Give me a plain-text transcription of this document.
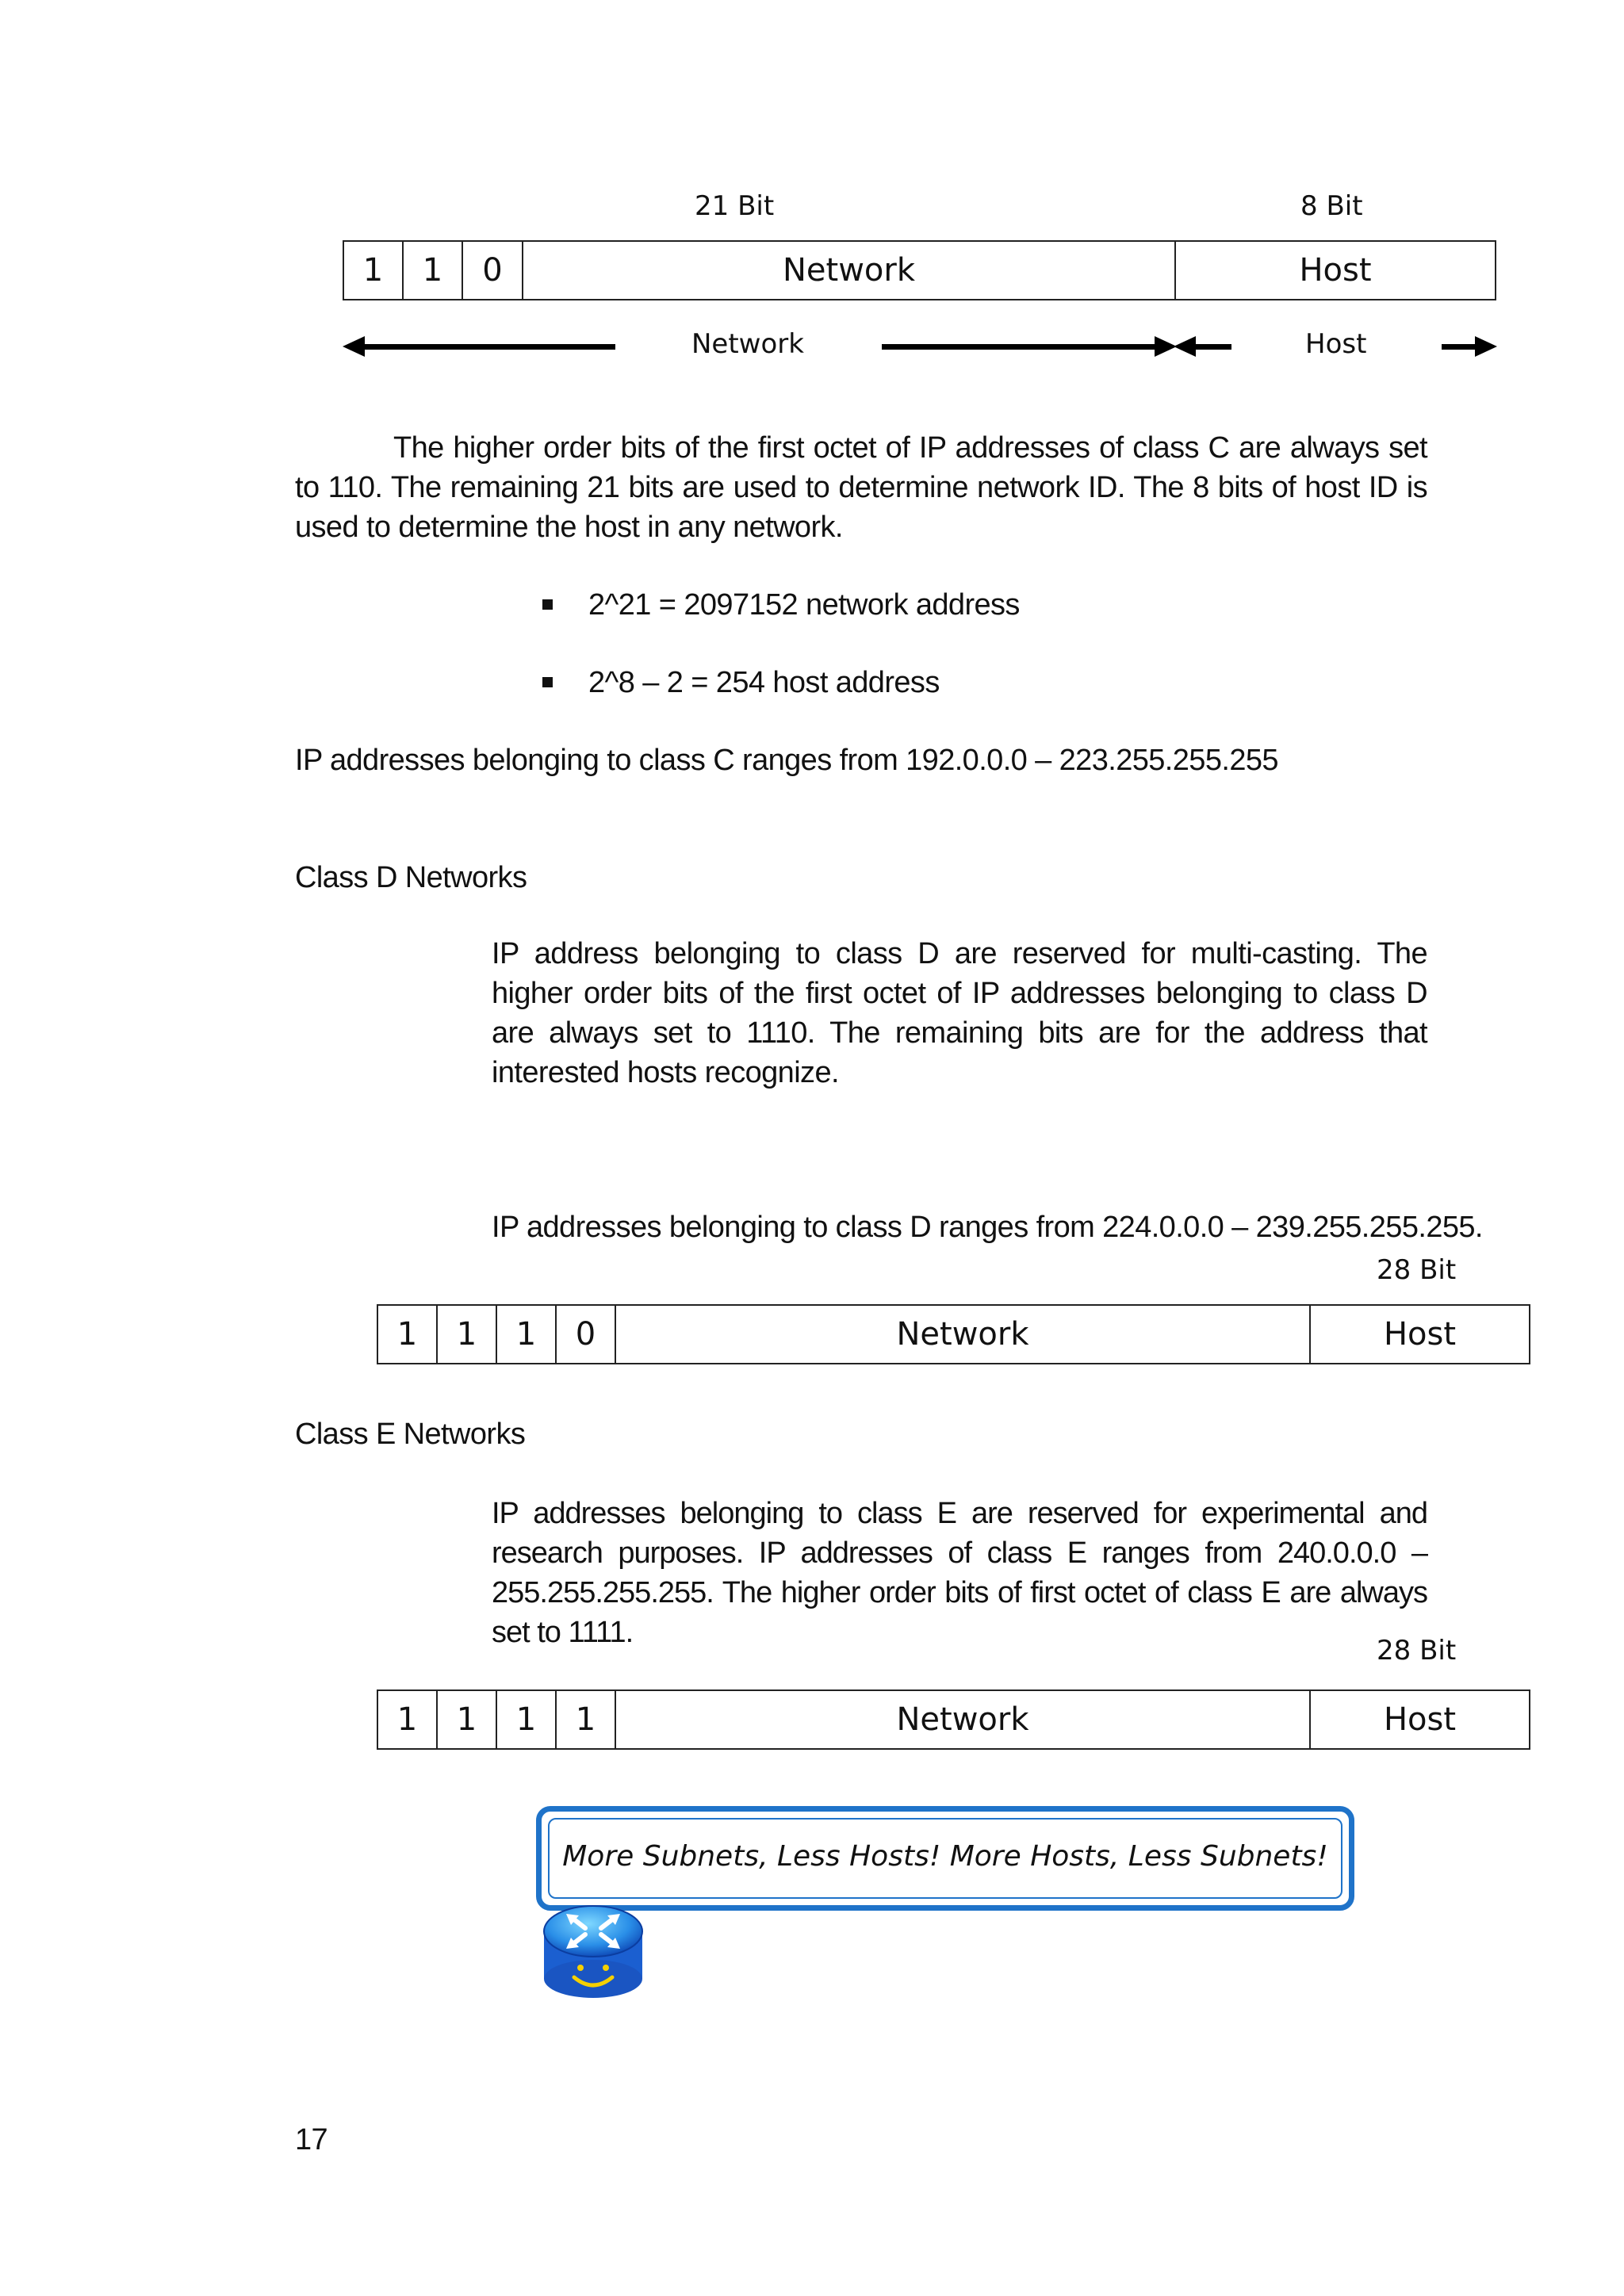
21 Bit	8 Bit
1	1	0	Network	Host
Network	Host
The higher order bits of the first octet of IP addresses of class C are always set to 110. The remaining 21 bits are used to determine network ID. The 8 bits of host ID is used to determine the host in any network.
2^21 = 2097152 network address
2^8 – 2 = 254 host address
IP addresses belonging to class C ranges from 192.0.0.0 – 223.255.255.255
Class D Networks
IP address belonging to class D are reserved for multi-casting. The higher order bits of the first octet of IP addresses belonging to class D are always set to 1110. The remaining bits are for the address that interested hosts recognize.
IP addresses belonging to class D ranges from 224.0.0.0 – 239.255.255.255.
28 Bit
1	1	1	0	Network	Host
Class E Networks
IP addresses belonging to class E are reserved for experimental and research purposes. IP addresses of class E ranges from 240.0.0.0 – 255.255.255.255. The higher order bits of first octet of class E are always set to 1111.
28 Bit
1	1	1	1	Network	Host
More Subnets, Less Hosts! More Hosts, Less Subnets!
17
